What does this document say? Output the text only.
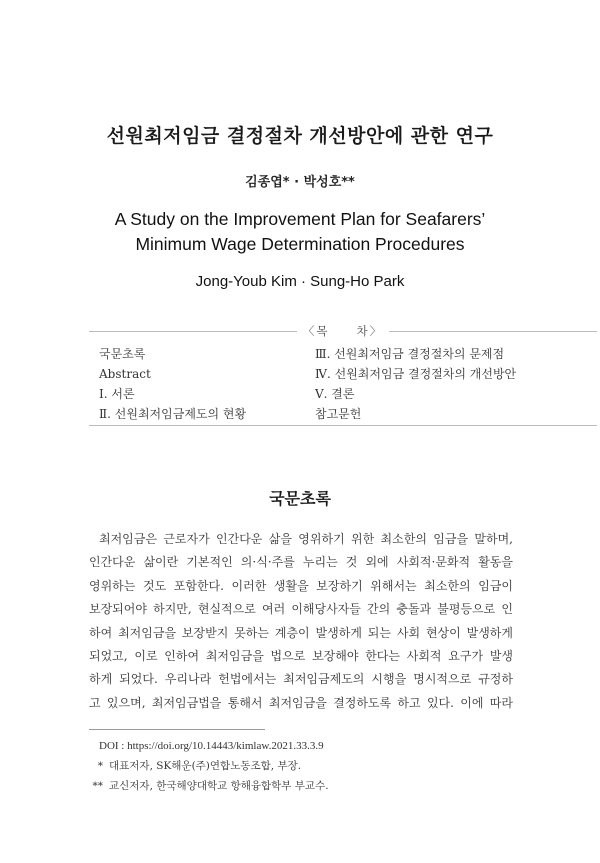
선원최저임금 결정절차 개선방안에 관한 연구
김종엽* · 박성호**
A Study on the Improvement Plan for Seafarers’
Minimum Wage Determination Procedures
Jong-Youb Kim · Sung-Ho Park
〈목　　차〉
국문초록
Abstract
Ⅰ. 서론
Ⅱ. 선원최저임금제도의 현황
Ⅲ. 선원최저임금 결정절차의 문제점
Ⅳ. 선원최저임금 결정절차의 개선방안
Ⅴ. 결론
참고문헌
국문초록
최저임금은 근로자가 인간다운 삶을 영위하기 위한 최소한의 임금을 말하며,
인간다운 삶이란 기본적인 의·식·주를 누리는 것 외에 사회적·문화적 활동을
영위하는 것도 포함한다. 이러한 생활을 보장하기 위해서는 최소한의 임금이
보장되어야 하지만, 현실적으로 여러 이해당사자들 간의 충돌과 불평등으로 인
하여 최저임금을 보장받지 못하는 계층이 발생하게 되는 사회 현상이 발생하게
되었고, 이로 인하여 최저임금을 법으로 보장해야 한다는 사회적 요구가 발생
하게 되었다. 우리나라 헌법에서는 최저임금제도의 시행을 명시적으로 규정하
고 있으며, 최저임금법을 통해서 최저임금을 결정하도록 하고 있다. 이에 따라
DOI : https://doi.org/10.14443/kimlaw.2021.33.3.9
* 대표저자, SK해운(주)연합노동조합, 부장.
** 교신저자, 한국해양대학교 항해융합학부 부교수.
